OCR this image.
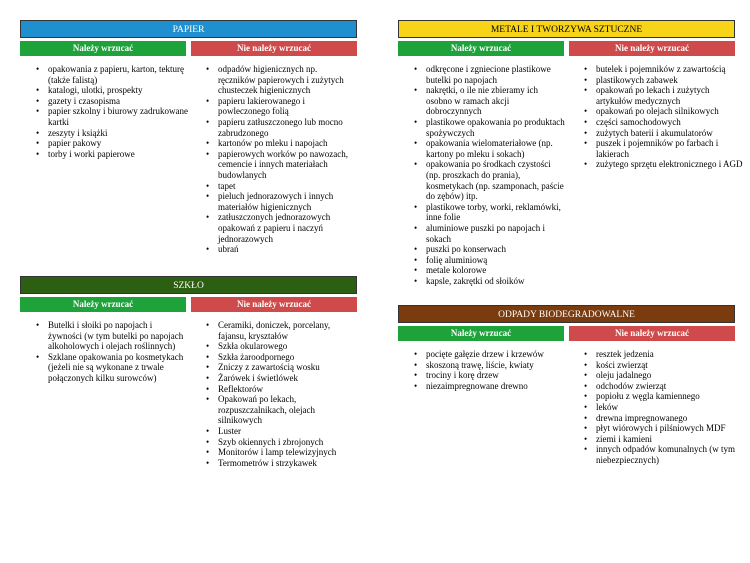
PAPIER
Należy wrzucać	Nie należy wrzucać
• opakowania z papieru, karton, tekturę (także falistą)
• katalogi, ulotki, prospekty
• gazety i czasopisma
• papier szkolny i biurowy zadrukowane kartki
• zeszyty i książki
• papier pakowy
• torby i worki papierowe
• odpadów higienicznych np. ręczników papierowych i zużytych chusteczek higienicznych
• papieru lakierowanego i powleczonego folią
• papieru zatłuszczonego lub mocno zabrudzonego
• kartonów po mleku i napojach
• papierowych worków po nawozach, cemencie i innych materiałach budowlanych
• tapet
• pieluch jednorazowych i innych materiałów higienicznych
• zatłuszczonych jednorazowych opakowań z papieru i naczyń jednorazowych
• ubrań
METALE I TWORZYWA SZTUCZNE
Należy wrzucać	Nie należy wrzucać
• odkręcone i zgniecione plastikowe butelki po napojach
• nakrętki, o ile nie zbieramy ich osobno w ramach akcji dobroczynnych
• plastikowe opakowania po produktach spożywczych
• opakowania wielomateriałowe (np. kartony po mleku i sokach)
• opakowania po środkach czystości (np. proszkach do prania), kosmetykach (np. szamponach, paście do zębów) itp.
• plastikowe torby, worki, reklamówki, inne folie
• aluminiowe puszki po napojach i sokach
• puszki po konserwach
• folię aluminiową
• metale kolorowe
• kapsle, zakrętki od słoików
• butelek i pojemników z zawartością
• plastikowych zabawek
• opakowań po lekach i zużytych artykułów medycznych
• opakowań po olejach silnikowych
• części samochodowych
• zużytych baterii i akumulatorów
• puszek i pojemników po farbach i lakierach
• zużytego sprzętu elektronicznego i AGD
SZKŁO
Należy wrzucać	Nie należy wrzucać
• Butelki i słoiki po napojach i żywności (w tym butelki po napojach alkoholowych i olejach roślinnych)
• Szklane opakowania po kosmetykach (jeżeli nie są wykonane z trwale połączonych kilku surowców)
• Ceramiki, doniczek, porcelany, fajansu, kryształów
• Szkła okularowego
• Szkła żaroodpornego
• Zniczy z zawartością wosku
• Żarówek i świetlówek
• Reflektorów
• Opakowań po lekach, rozpuszczalnikach, olejach silnikowych
• Luster
• Szyb okiennych i zbrojonych
• Monitorów i lamp telewizyjnych
• Termometrów i strzykawek
ODPADY BIODEGRADOWALNE
Należy wrzucać	Nie należy wrzucać
• pocięte gałęzie drzew i krzewów
• skoszoną trawę, liście, kwiaty
• trociny i korę drzew
• niezaimpregnowane drewno
• resztek jedzenia
• kości zwierząt
• oleju jadalnego
• odchodów zwierząt
• popiołu z węgla kamiennego
• leków
• drewna impregnowanego
• płyt wiórowych i pilśniowych MDF
• ziemi i kamieni
• innych odpadów komunalnych (w tym niebezpiecznych)
